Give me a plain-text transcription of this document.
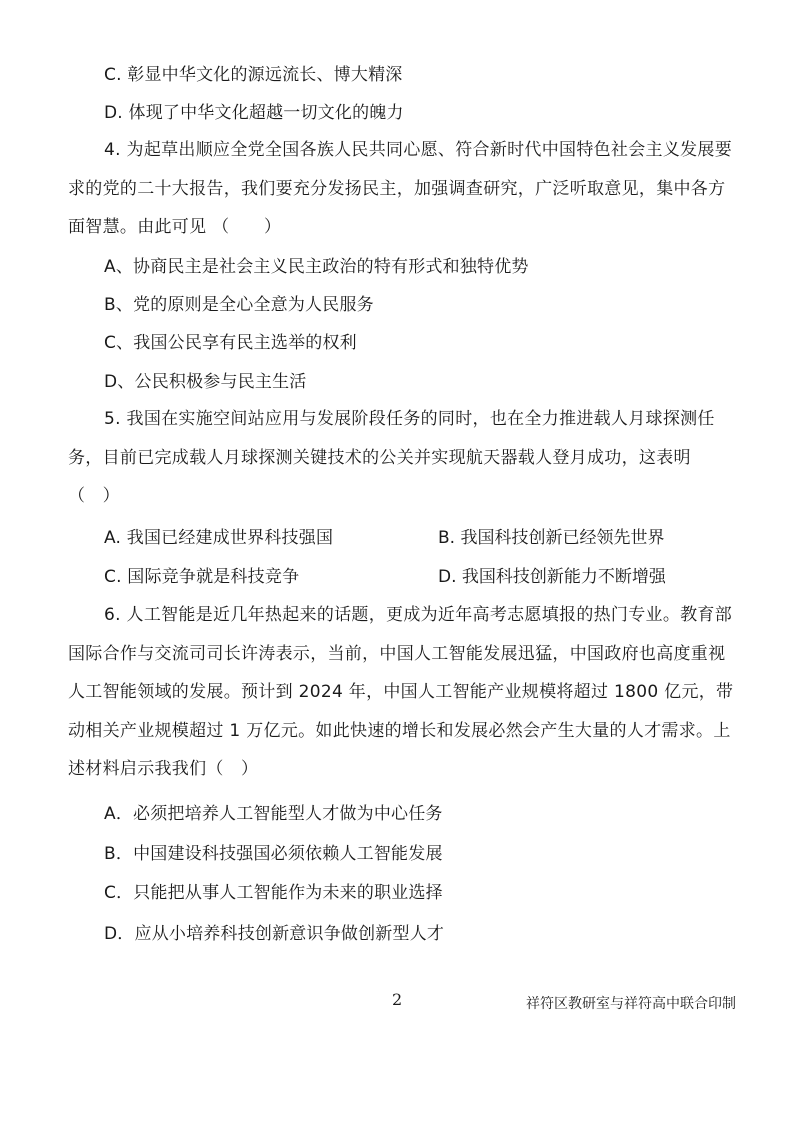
C. 彰显中华文化的源远流长、博大精深
D. 体现了中华文化超越一切文化的魄力
4. 为起草出顺应全党全国各族人民共同心愿、符合新时代中国特色社会主义发展要求的党的二十大报告，我们要充分发扬民主，加强调查研究，广泛听取意见，集中各方面智慧。由此可见 （　　）
A、协商民主是社会主义民主政治的特有形式和独特优势
B、党的原则是全心全意为人民服务
C、我国公民享有民主选举的权利
D、公民积极参与民主生活
5. 我国在实施空间站应用与发展阶段任务的同时，也在全力推进载人月球探测任务，目前已完成载人月球探测关键技术的公关并实现航天器载人登月成功，这表明 （　）
A. 我国已经建成世界科技强国	B. 我国科技创新已经领先世界
C. 国际竞争就是科技竞争	D. 我国科技创新能力不断增强
6. 人工智能是近几年热起来的话题，更成为近年高考志愿填报的热门专业。教育部国际合作与交流司司长许涛表示，当前，中国人工智能发展迅猛，中国政府也高度重视人工智能领域的发展。预计到 2024 年，中国人工智能产业规模将超过 1800 亿元，带动相关产业规模超过 1 万亿元。如此快速的增长和发展必然会产生大量的人才需求。上述材料启示我我们（　）
A．必须把培养人工智能型人才做为中心任务
B．中国建设科技强国必须依赖人工智能发展
C．只能把从事人工智能作为未来的职业选择
D．应从小培养科技创新意识争做创新型人才
2	祥符区教研室与祥符高中联合印制
